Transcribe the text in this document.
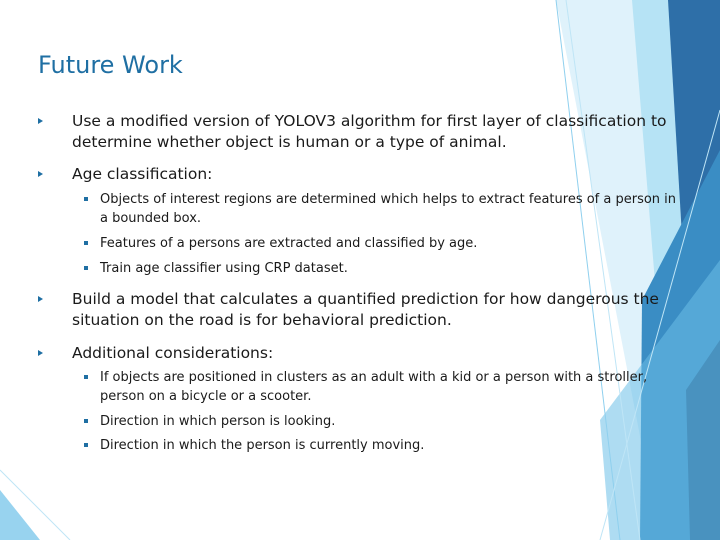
Future Work
Use a modified version of YOLOV3 algorithm for first layer of classification to determine whether object is human or a type of animal.
Age classification:
Objects of interest regions are determined which helps to extract features of a person in a bounded box.
Features of a persons are extracted and classified by age.
Train age classifier using CRP dataset.
Build a model that calculates a quantified prediction for how dangerous the situation on the road is for behavioral prediction.
Additional considerations:
If objects are positioned in clusters as an adult with a kid or a person with a stroller, person on a bicycle or a scooter.
Direction in which person is looking.
Direction in which the person is currently moving.
